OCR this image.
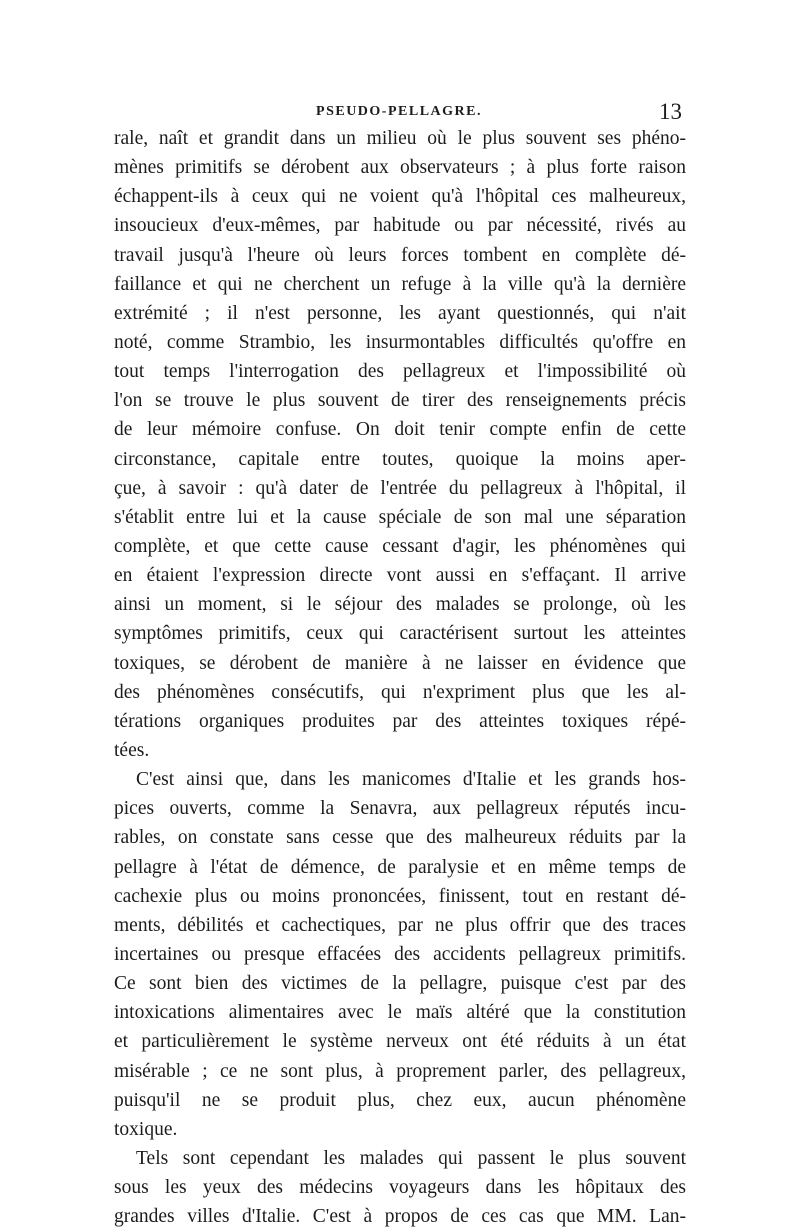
PSEUDO-PELLAGRE.	13
rale, naît et grandit dans un milieu où le plus souvent ses phéno-
mènes primitifs se dérobent aux observateurs ; à plus forte raison
échappent-ils à ceux qui ne voient qu'à l'hôpital ces malheureux,
insoucieux d'eux-mêmes, par habitude ou par nécessité, rivés au
travail jusqu'à l'heure où leurs forces tombent en complète dé-
faillance et qui ne cherchent un refuge à la ville qu'à la dernière
extrémité ; il n'est personne, les ayant questionnés, qui n'ait
noté, comme Strambio, les insurmontables difficultés qu'offre en
tout temps l'interrogation des pellagreux et l'impossibilité où
l'on se trouve le plus souvent de tirer des renseignements précis
de leur mémoire confuse. On doit tenir compte enfin de cette
circonstance, capitale entre toutes, quoique la moins aper-
çue, à savoir : qu'à dater de l'entrée du pellagreux à l'hôpital, il
s'établit entre lui et la cause spéciale de son mal une séparation
complète, et que cette cause cessant d'agir, les phénomènes qui
en étaient l'expression directe vont aussi en s'effaçant. Il arrive
ainsi un moment, si le séjour des malades se prolonge, où les
symptômes primitifs, ceux qui caractérisent surtout les atteintes
toxiques, se dérobent de manière à ne laisser en évidence que
des phénomènes consécutifs, qui n'expriment plus que les al-
térations organiques produites par des atteintes toxiques répé-
tées.
C'est ainsi que, dans les manicomes d'Italie et les grands hos-
pices ouverts, comme la Senavra, aux pellagreux réputés incu-
rables, on constate sans cesse que des malheureux réduits par la
pellagre à l'état de démence, de paralysie et en même temps de
cachexie plus ou moins prononcées, finissent, tout en restant dé-
ments, débilités et cachectiques, par ne plus offrir que des traces
incertaines ou presque effacées des accidents pellagreux primitifs.
Ce sont bien des victimes de la pellagre, puisque c'est par des
intoxications alimentaires avec le maïs altéré que la constitution
et particulièrement le système nerveux ont été réduits à un état
misérable ; ce ne sont plus, à proprement parler, des pellagreux,
puisqu'il ne se produit plus, chez eux, aucun phénomène
toxique.
Tels sont cependant les malades qui passent le plus souvent
sous les yeux des médecins voyageurs dans les hôpitaux des
grandes villes d'Italie. C'est à propos de ces cas que MM. Lan-
